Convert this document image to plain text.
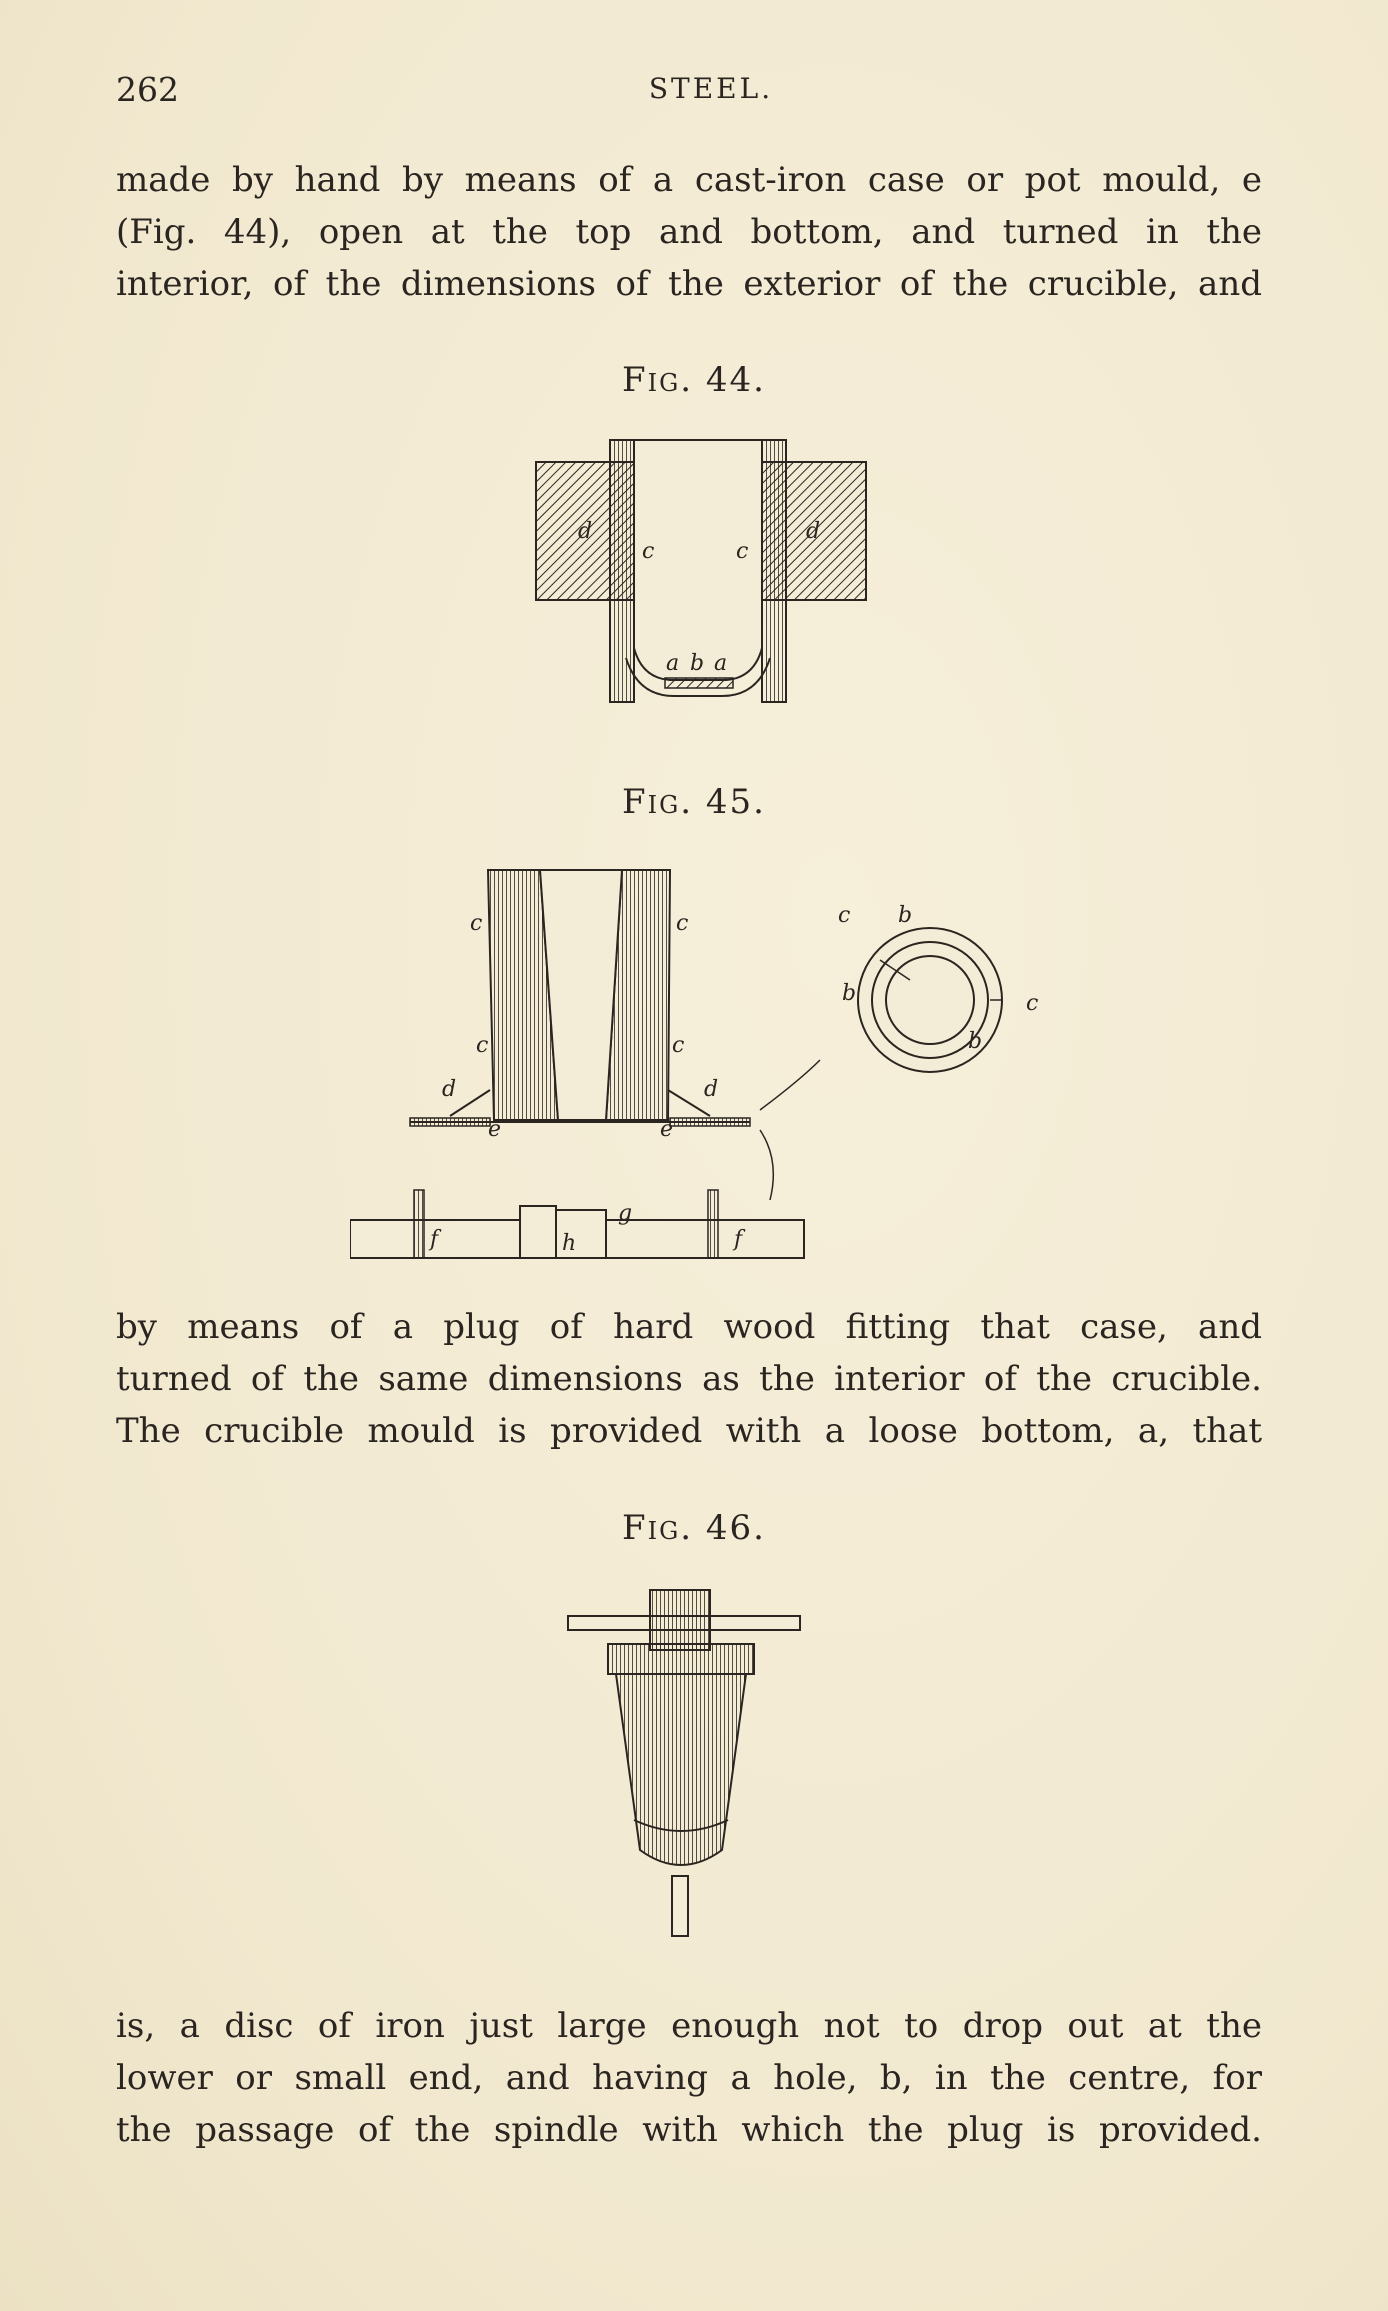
262	STEEL.

made by hand by means of a cast-iron case or pot mould, e
(Fig. 44), open at the top and bottom, and turned in the
interior, of the dimensions of the exterior of the crucible, and

Fig. 44.
d	d
c	c
a b a
Fig. 45.
c	c
c	c
d	d
e	e
c b
b
b
c
f	f
h
g

by means of a plug of hard wood fitting that case, and
turned of the same dimensions as the interior of the crucible.
The crucible mould is provided with a loose bottom, a, that

Fig. 46.

is, a disc of iron just large enough not to drop out at the
lower or small end, and having a hole, b, in the centre, for
the passage of the spindle with which the plug is provided.
